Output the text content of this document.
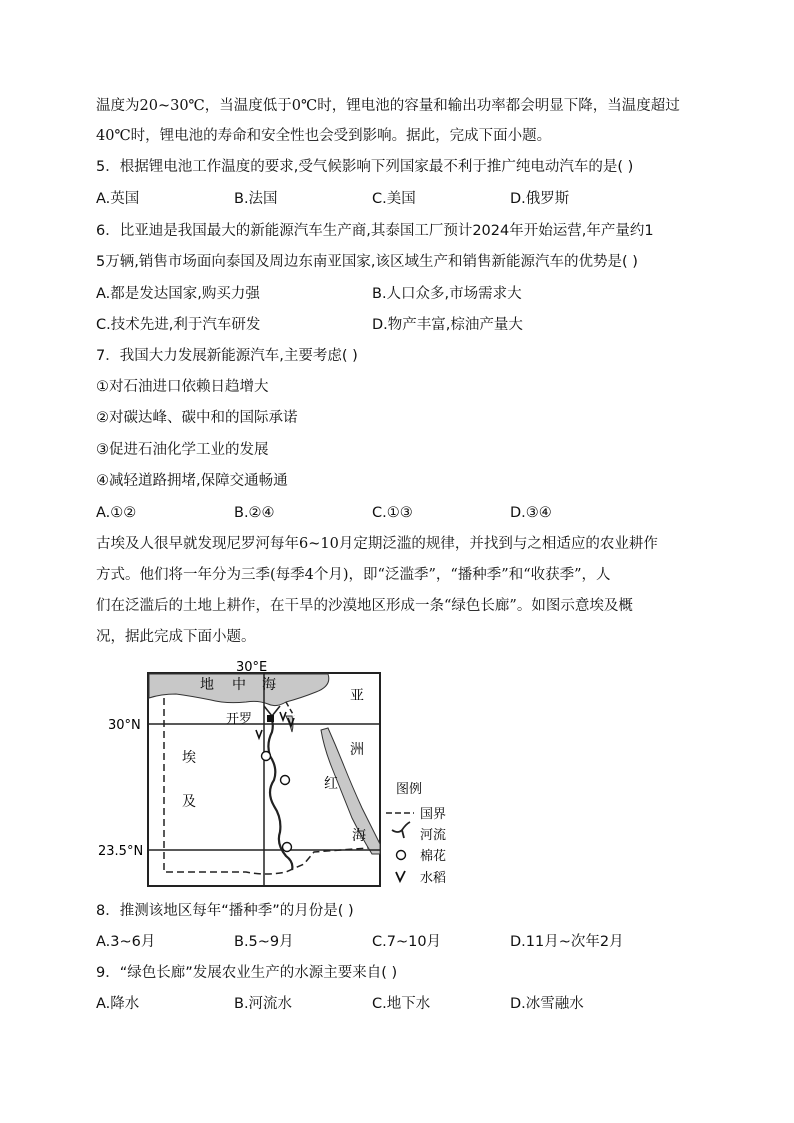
温度为20~30℃，当温度低于0℃时，锂电池的容量和输出功率都会明显下降，当温度超过
40℃时，锂电池的寿命和安全性也会受到影响。据此，完成下面小题。
5．根据锂电池工作温度的要求,受气候影响下列国家最不利于推广纯电动汽车的是( )
A.英国	B.法国	C.美国	D.俄罗斯
6．比亚迪是我国最大的新能源汽车生产商,其泰国工厂预计2024年开始运营,年产量约1
5万辆,销售市场面向泰国及周边东南亚国家,该区域生产和销售新能源汽车的优势是( )
A.都是发达国家,购买力强	B.人口众多,市场需求大
C.技术先进,利于汽车研发	D.物产丰富,棕油产量大
7．我国大力发展新能源汽车,主要考虑( )
①对石油进口依赖日趋增大
②对碳达峰、碳中和的国际承诺
③促进石油化学工业的发展
④减轻道路拥堵,保障交通畅通
A.①②	B.②④	C.①③	D.③④
古埃及人很早就发现尼罗河每年6~10月定期泛滥的规律，并找到与之相适应的农业耕作
方式。他们将一年分为三季(每季4个月)，即“泛滥季”，“播种季”和“收获季”，人
们在泛滥后的土地上耕作，在干旱的沙漠地区形成一条“绿色长廊”。如图示意埃及概
况，据此完成下面小题。
30°E
30°N
23.5°N
地 中 海
开罗
亚
洲
埃
及
红
海
图例
国界
河流
棉花
水稻
8．推测该地区每年“播种季”的月份是( )
A.3~6月	B.5~9月	C.7~10月	D.11月~次年2月
9．“绿色长廊”发展农业生产的水源主要来自( )
A.降水	B.河流水	C.地下水	D.冰雪融水
